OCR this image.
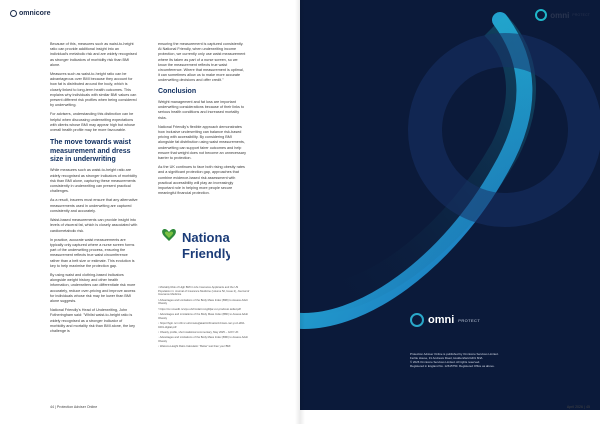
omnicore

Because of this, measures such as waist-to-height ratio can provide additional insight into an individual's metabolic risk and are widely recognised as stronger indicators of morbidity risk than BMI alone.

Measures such as waist-to-height ratio can be advantageous over BMI because they account for how fat is distributed around the body, which is closely linked to long-term health outcomes. This explains why individuals with similar BMI values can present different risk profiles when being considered by underwriting.

For advisers, understanding this distinction can be helpful when discussing underwriting expectations with clients whose BMI may appear high but whose overall health profile may be more favourable.

The move towards waist measurement and dress size in underwriting

While measures such as waist-to-height ratio are widely recognised as stronger indicators of morbidity risk than BMI alone, capturing these measurements consistently in underwriting can present practical challenges.

As a result, insurers must ensure that any alternative measurements used in underwriting are captured consistently and accurately.

Waist-based measurements can provide insight into levels of visceral fat, which is closely associated with cardiometabolic risk.

In practice, accurate waist measurements are typically only captured where a nurse screen forms part of the underwriting process, ensuring the measurement reflects true waist circumference rather than a belt size or estimate. This evolution is key to help maximise the protection gap.

By using waist and clothing-based indicators alongside weight history and other health information, underwriters can differentiate risk more accurately, reduce over-pricing and improve access for individuals whose risk may be lower than BMI alone suggests.

National Friendly's Head of Underwriting, John Fotheringham said: "Whilst waist-to-height ratio is widely recognised as a stronger indicator of morbidity and mortality risk than BMI alone, the key challenge is

ensuring the measurement is captured consistently. At National Friendly, when underwriting income protection, we currently only use waist measurement where its taken as part of a nurse screen, so we know the measurement reflects true waist circumference. Where that measurement is optimal, it can sometimes allow us to make more accurate underwriting decisions and offer credit."

Conclusion

Weight management and fat loss are important underwriting considerations because of their links to serious health conditions and increased mortality risks.

National Friendly's flexible approach demonstrates how inclusive underwriting can balance risk-based pricing with accessibility. By considering BMI alongside fat distribution using waist measurements, underwriting can support fairer outcomes and help ensure that weight does not become an unnecessary barrier to protection.

As the UK continues to face both rising obesity rates and a significant protection gap, approaches that combine evidence-based risk assessment with practical accessibility will play an increasingly important role in helping more people secure meaningful financial protection.

National
Friendly

¹ Mortality Risk of High BMI in Life Insurance Applicants and the US Population in: Journal of Insurance Medicine (volume 52, Issue 2), Journal of Insurance Medicine

² Advantages and Limitations of the Body Mass Index (BMI) to Assess Adult Obesity

³ https://nc.ncoedb.ncv/pu.ub/trmdatr.rongbl/jar-rer-prodcuto.tedtel.pdf

⁴ Advantages and Limitations of the Body Mass Index (BMI) to Assess Adult Obesity

⁵ https://hgtn.ncr.nrtb.tc.uk/cmukuj/jakat/ntr/bnatord-fmtam-nar-yn-0-tdb0-0401-digital.pdf

⁶ Obesity profile, short statistical commentary, May 2025 – GOV UK

⁷ Advantages and Limitations of the Body Mass Index (BMI) to Assess Adult Obesity

⁸ Waist-to-Height Ratio Calculator: 'Better' test than your BMI

44 | Protection Adviser Online
omni PROTECT

Protection Adviser Online is published by Omnicore Services Limited.

Fertile House, 31 Andrews Road, Huddersfield HD1 6NA

© 2026 Omnicore Services Limited. All rights reserved.

Registered in England No. 12615750. Registered Office as above.

omni PROTECT
April 2026 | 45
